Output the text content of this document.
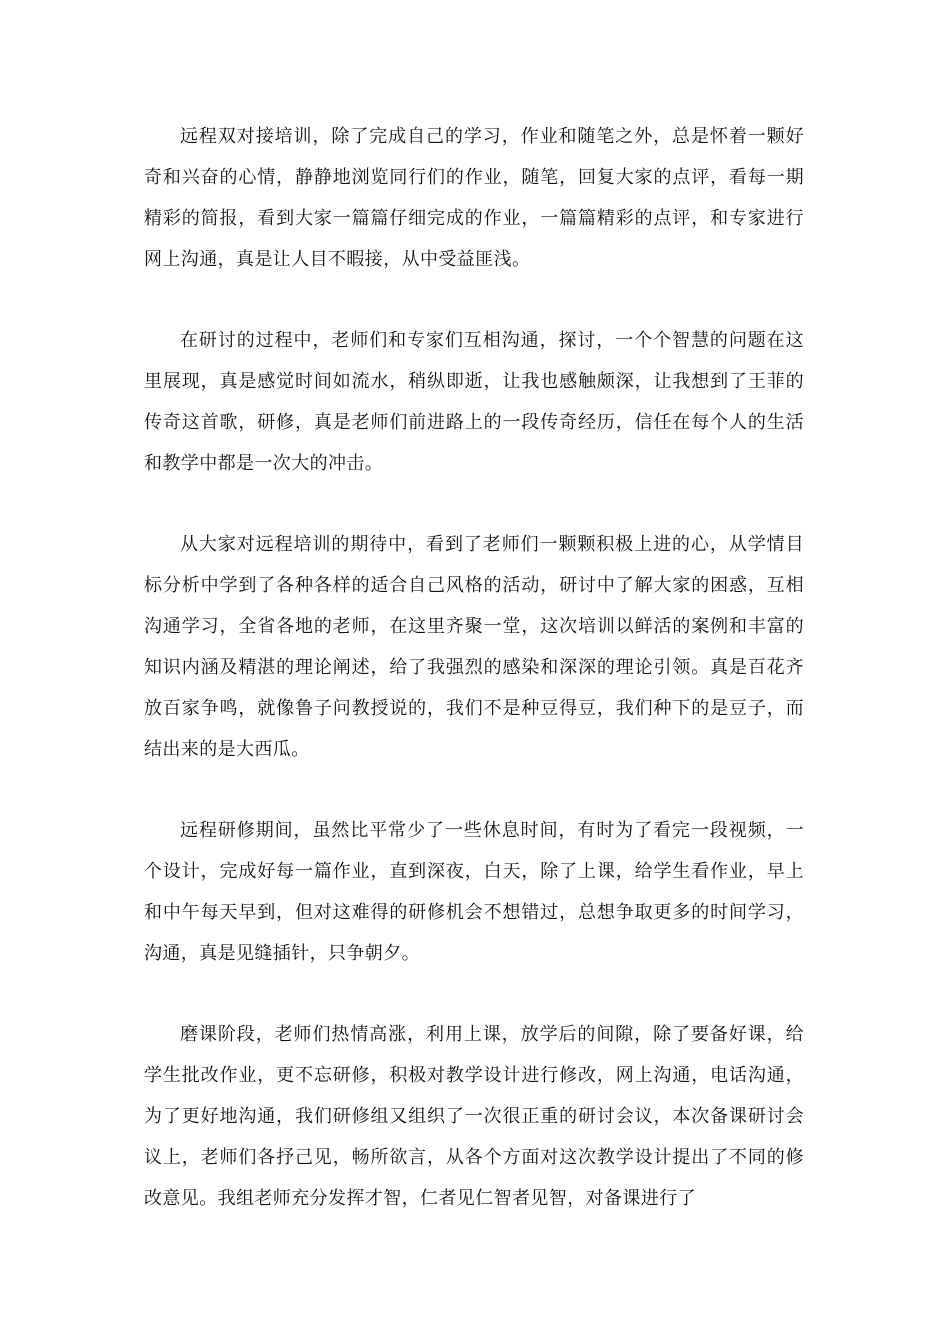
远程双对接培训，除了完成自己的学习，作业和随笔之外，总是怀着一颗好奇和兴奋的心情，静静地浏览同行们的作业，随笔，回复大家的点评，看每一期精彩的简报，看到大家一篇篇仔细完成的作业，一篇篇精彩的点评，和专家进行网上沟通，真是让人目不暇接，从中受益匪浅。

在研讨的过程中，老师们和专家们互相沟通，探讨，一个个智慧的问题在这里展现，真是感觉时间如流水，稍纵即逝，让我也感触颇深，让我想到了王菲的传奇这首歌，研修，真是老师们前进路上的一段传奇经历，信任在每个人的生活和教学中都是一次大的冲击。

从大家对远程培训的期待中，看到了老师们一颗颗积极上进的心，从学情目标分析中学到了各种各样的适合自己风格的活动，研讨中了解大家的困惑，互相沟通学习，全省各地的老师，在这里齐聚一堂，这次培训以鲜活的案例和丰富的知识内涵及精湛的理论阐述，给了我强烈的感染和深深的理论引领。真是百花齐放百家争鸣，就像鲁子问教授说的，我们不是种豆得豆，我们种下的是豆子，而结出来的是大西瓜。

远程研修期间，虽然比平常少了一些休息时间，有时为了看完一段视频，一个设计，完成好每一篇作业，直到深夜，白天，除了上课，给学生看作业，早上和中午每天早到，但对这难得的研修机会不想错过，总想争取更多的时间学习，沟通，真是见缝插针，只争朝夕。

磨课阶段，老师们热情高涨，利用上课，放学后的间隙，除了要备好课，给学生批改作业，更不忘研修，积极对教学设计进行修改，网上沟通，电话沟通，为了更好地沟通，我们研修组又组织了一次很正重的研讨会议，本次备课研讨会议上，老师们各抒己见，畅所欲言，从各个方面对这次教学设计提出了不同的修改意见。我组老师充分发挥才智，仁者见仁智者见智，对备课进行了
